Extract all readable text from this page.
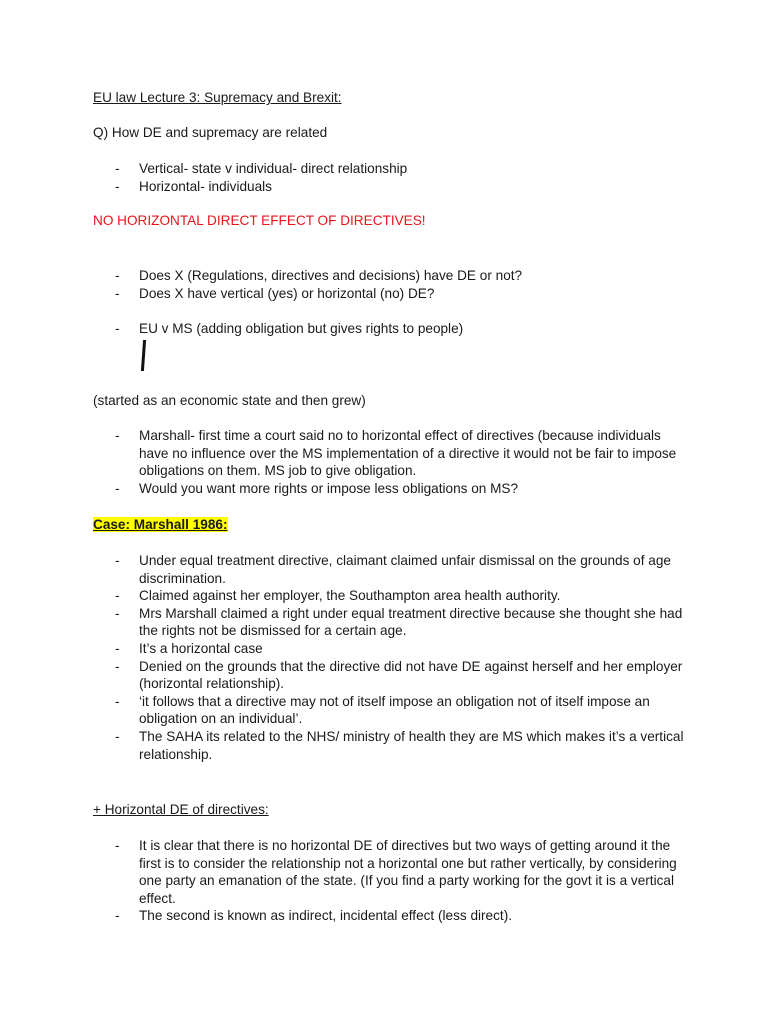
EU law Lecture 3: Supremacy and Brexit:
Q) How DE and supremacy are related
- Vertical- state v individual- direct relationship
- Horizontal- individuals
NO HORIZONTAL DIRECT EFFECT OF DIRECTIVES!
- Does X (Regulations, directives and decisions) have DE or not?
- Does X have vertical (yes) or horizontal (no) DE?
- EU v MS (adding obligation but gives rights to people)
(started as an economic state and then grew)
- Marshall- first time a court said no to horizontal effect of directives (because individuals have no influence over the MS implementation of a directive it would not be fair to impose obligations on them. MS job to give obligation.
- Would you want more rights or impose less obligations on MS?
Case: Marshall 1986:
- Under equal treatment directive, claimant claimed unfair dismissal on the grounds of age discrimination.
- Claimed against her employer, the Southampton area health authority.
- Mrs Marshall claimed a right under equal treatment directive because she thought she had the rights not be dismissed for a certain age.
- It’s a horizontal case
- Denied on the grounds that the directive did not have DE against herself and her employer (horizontal relationship).
- ‘it follows that a directive may not of itself impose an obligation not of itself impose an obligation on an individual’.
- The SAHA its related to the NHS/ ministry of health they are MS which makes it’s a vertical relationship.
+ Horizontal DE of directives:
- It is clear that there is no horizontal DE of directives but two ways of getting around it the first is to consider the relationship not a horizontal one but rather vertically, by considering one party an emanation of the state. (If you find a party working for the govt it is a vertical effect.
- The second is known as indirect, incidental effect (less direct).
